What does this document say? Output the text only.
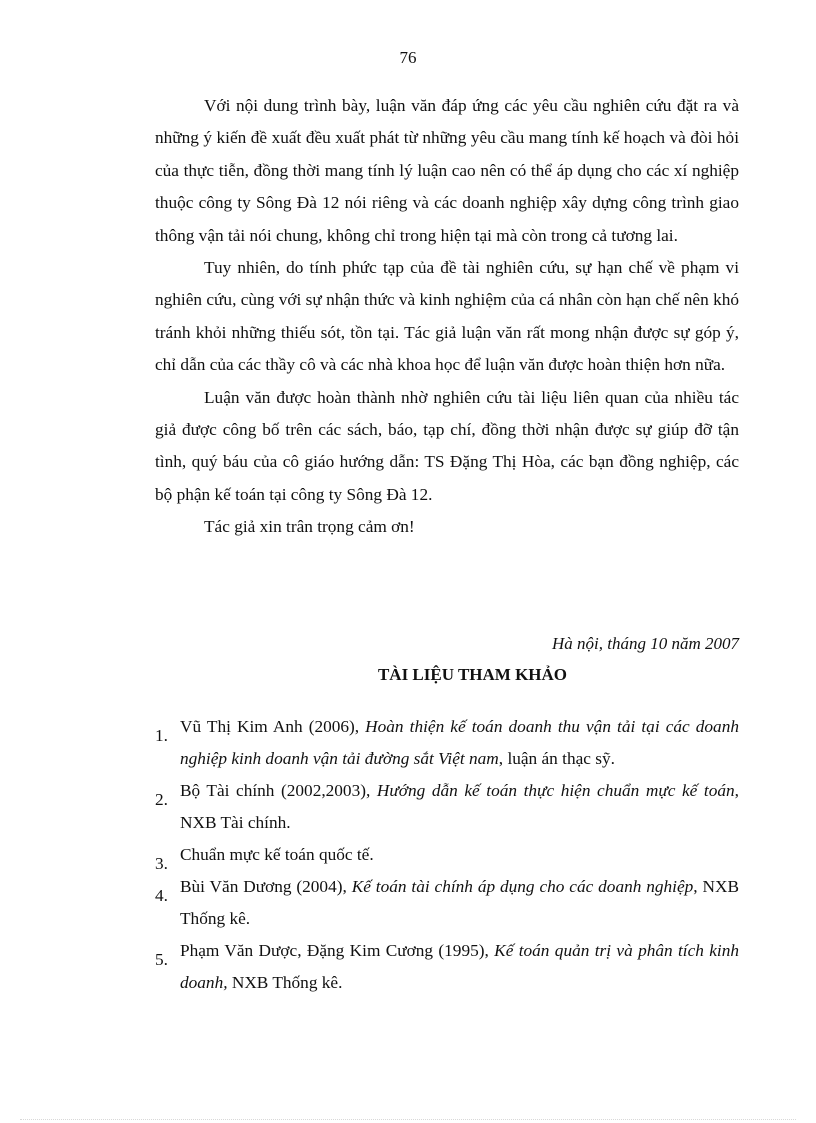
76

Với nội dung trình bày, luận văn đáp ứng các yêu cầu nghiên cứu đặt ra và những ý kiến đề xuất đều xuất phát từ những yêu cầu mang tính kế hoạch và đòi hỏi của thực tiễn, đồng thời mang tính lý luận cao nên có thể áp dụng cho các xí nghiệp thuộc công ty Sông Đà 12 nói riêng và các doanh nghiệp xây dựng công trình giao thông vận tải nói chung, không chỉ trong hiện tại mà còn trong cả tương lai.

Tuy nhiên, do tính phức tạp của đề tài nghiên cứu, sự hạn chế về phạm vi nghiên cứu, cùng với sự nhận thức và kinh nghiệm của cá nhân còn hạn chế nên khó tránh khỏi những thiếu sót, tồn tại. Tác giả luận văn rất mong nhận được sự góp ý, chỉ dẫn của các thầy cô và các nhà khoa học để luận văn được hoàn thiện hơn nữa.

Luận văn được hoàn thành nhờ nghiên cứu tài liệu liên quan của nhiều tác giả được công bố trên các sách, báo, tạp chí, đồng thời nhận được sự giúp đỡ tận tình, quý báu của cô giáo hướng dẫn: TS Đặng Thị Hòa, các bạn đồng nghiệp, các bộ phận kế toán tại công ty Sông Đà 12.

Tác giả xin trân trọng cảm ơn!

Hà nội, tháng 10 năm 2007
TÀI LIỆU THAM KHẢO
1. Vũ Thị Kim Anh (2006), Hoàn thiện kế toán doanh thu vận tải tại các doanh nghiệp kinh doanh vận tải đường sắt Việt nam, luận án thạc sỹ.
2. Bộ Tài chính (2002,2003), Hướng dẫn kế toán thực hiện chuẩn mực kế toán, NXB Tài chính.
3. Chuẩn mực kế toán quốc tế.
4. Bùi Văn Dương (2004), Kế toán tài chính áp dụng cho các doanh nghiệp, NXB Thống kê.
5. Phạm Văn Dược, Đặng Kim Cương (1995), Kế toán quản trị và phân tích kinh doanh, NXB Thống kê.
